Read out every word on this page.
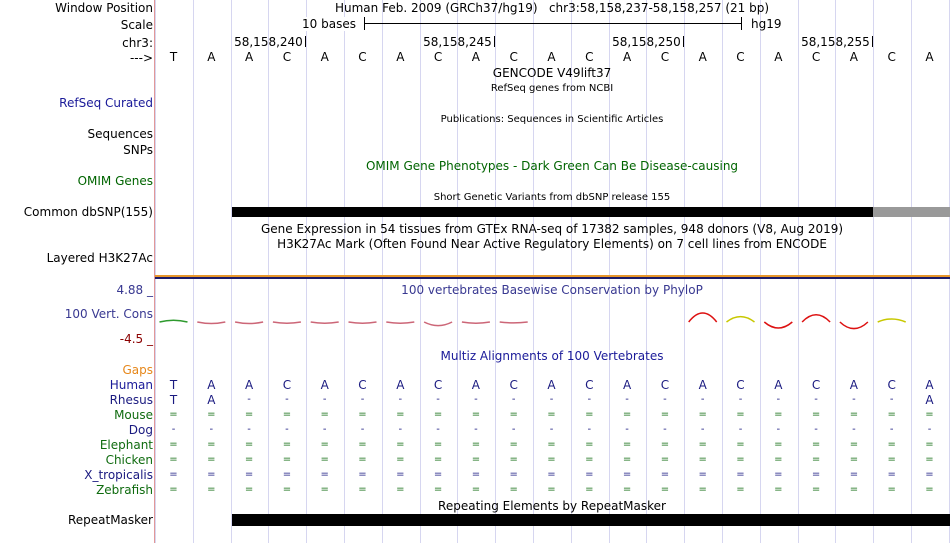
Window Position	Human Feb. 2009 (GRCh37/hg19)   chr3:58,158,237-58,158,257 (21 bp)
Scale	10 bases	hg19
chr3:	58,158,240	58,158,245	58,158,250	58,158,255
--->	T	A	A	C	A	C	A	C	A	C	A	C	A	C	A	C	A	C	A	C	A
GENCODE V49lift37
RefSeq genes from NCBI
RefSeq Curated
Publications: Sequences in Scientific Articles
Sequences
SNPs
OMIM Gene Phenotypes - Dark Green Can Be Disease-causing
OMIM Genes
Short Genetic Variants from dbSNP release 155
Common dbSNP(155)
Gene Expression in 54 tissues from GTEx RNA-seq of 17382 samples, 948 donors (V8, Aug 2019)
H3K27Ac Mark (Often Found Near Active Regulatory Elements) on 7 cell lines from ENCODE
Layered H3K27Ac
4.88 _	100 vertebrates Basewise Conservation by PhyloP
100 Vert. Cons
-4.5 _
Multiz Alignments of 100 Vertebrates
Gaps
Human	T	A	A	C	A	C	A	C	A	C	A	C	A	C	A	C	A	C	A	C	A
Rhesus	T	A	-	-	-	-	-	-	-	-	-	-	-	-	-	-	-	-	-	-	A
Mouse	=	=	=	=	=	=	=	=	=	=	=	=	=	=	=	=	=	=	=	=	=
Dog	-	-	-	-	-	-	-	-	-	-	-	-	-	-	-	-	-	-	-	-	-
Elephant	=	=	=	=	=	=	=	=	=	=	=	=	=	=	=	=	=	=	=	=	=
Chicken	=	=	=	=	=	=	=	=	=	=	=	=	=	=	=	=	=	=	=	=	=
X_tropicalis	=	=	=	=	=	=	=	=	=	=	=	=	=	=	=	=	=	=	=	=	=
Zebrafish	=	=	=	=	=	=	=	=	=	=	=	=	=	=	=	=	=	=	=	=	=
Repeating Elements by RepeatMasker
RepeatMasker
